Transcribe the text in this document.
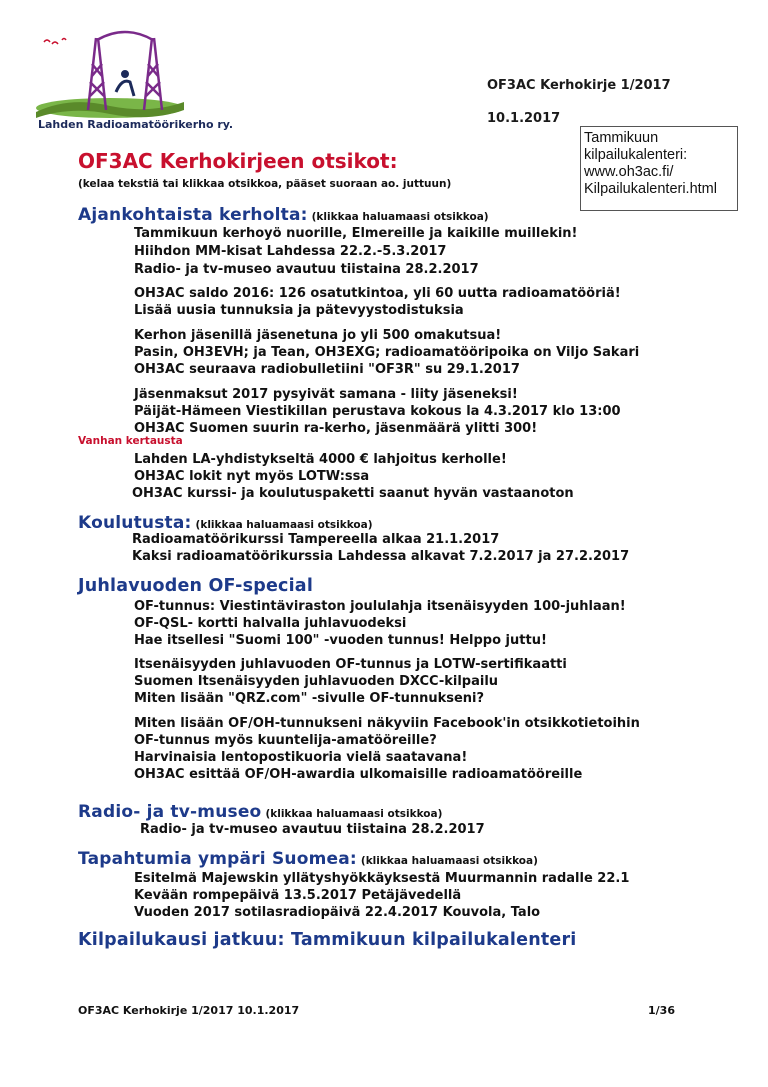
Lahden Radioamatöörikerho ry.
OF3AC Kerhokirje 1/2017
10.1.2017
Tammikuun
kilpailukalenteri:
www.oh3ac.fi/
Kilpailukalenteri.html
OF3AC Kerhokirjeen otsikot:
(kelaa tekstiä tai klikkaa otsikkoa, pääset suoraan ao. juttuun)
Ajankohtaista kerholta: (klikkaa haluamaasi otsikkoa)
Tammikuun kerhoyö nuorille, Elmereille ja kaikille muillekin!
Hiihdon MM-kisat Lahdessa 22.2.-5.3.2017
Radio- ja tv-museo avautuu tiistaina 28.2.2017
OH3AC saldo 2016: 126 osatutkintoa, yli 60 uutta radioamatööriä!
Lisää uusia tunnuksia ja pätevyystodistuksia
Kerhon jäsenillä jäsenetuna jo yli 500 omakutsua!
Pasin, OH3EVH; ja Tean, OH3EXG; radioamatööripoika on Viljo Sakari
OH3AC seuraava radiobulletiini "OF3R" su 29.1.2017
Jäsenmaksut 2017 pysyivät samana - liity jäseneksi!
Päijät-Hämeen Viestikillan perustava kokous la 4.3.2017 klo 13:00
OH3AC Suomen suurin ra-kerho, jäsenmäärä ylitti 300!
Vanhan kertausta
Lahden LA-yhdistykseltä 4000 € lahjoitus kerholle!
OH3AC lokit nyt myös LOTW:ssa
OH3AC kurssi- ja koulutuspaketti saanut hyvän vastaanoton
Koulutusta: (klikkaa haluamaasi otsikkoa)
Radioamatöörikurssi Tampereella alkaa 21.1.2017
Kaksi radioamatöörikurssia Lahdessa alkavat 7.2.2017 ja 27.2.2017
Juhlavuoden OF-special
OF-tunnus: Viestintäviraston joululahja itsenäisyyden 100-juhlaan!
OF-QSL- kortti halvalla juhlavuodeksi
Hae itsellesi "Suomi 100" -vuoden tunnus! Helppo juttu!
Itsenäisyyden juhlavuoden OF-tunnus ja LOTW-sertifikaatti
Suomen Itsenäisyyden juhlavuoden DXCC-kilpailu
Miten lisään "QRZ.com" -sivulle OF-tunnukseni?
Miten lisään OF/OH-tunnukseni näkyviin Facebook'in otsikkotietoihin
OF-tunnus myös kuuntelija-amatööreille?
Harvinaisia lentopostikuoria vielä saatavana!
OH3AC esittää OF/OH-awardia ulkomaisille radioamatööreille
Radio- ja tv-museo (klikkaa haluamaasi otsikkoa)
Radio- ja tv-museo avautuu tiistaina 28.2.2017
Tapahtumia ympäri Suomea: (klikkaa haluamaasi otsikkoa)
Esitelmä Majewskin yllätyshyökkäyksestä Muurmannin radalle 22.1
Kevään rompepäivä 13.5.2017 Petäjävedellä
Vuoden 2017 sotilasradiopäivä 22.4.2017 Kouvola, Talo
Kilpailukausi jatkuu: Tammikuun kilpailukalenteri
OF3AC Kerhokirje 1/2017 10.1.2017	1/36
